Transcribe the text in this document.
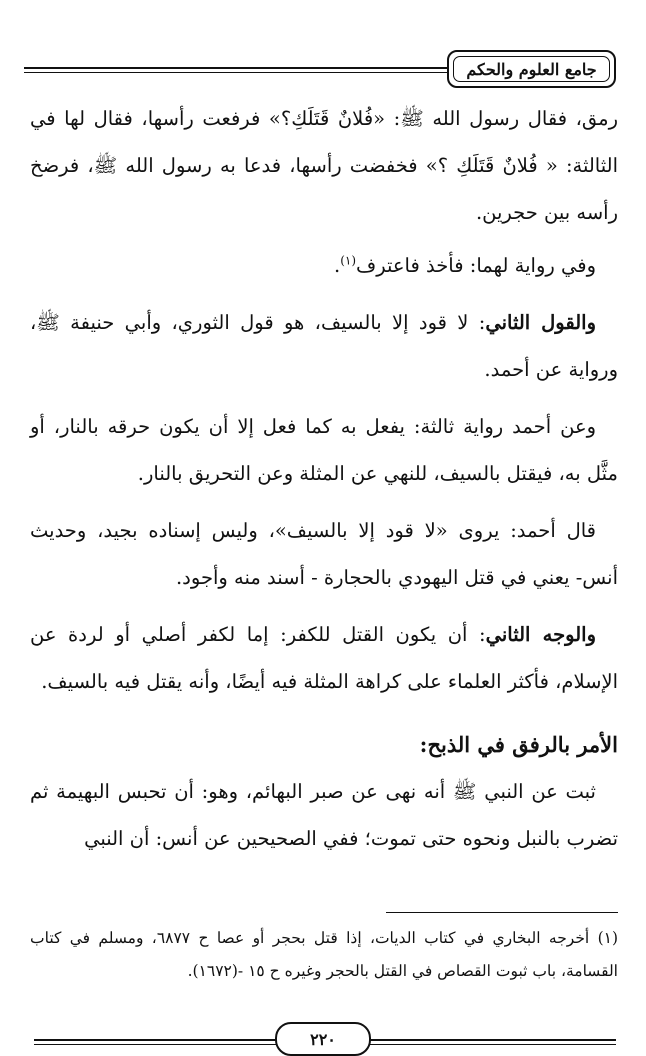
جامع العلوم والحكم

رمق، فقال رسول الله ﷺ: «فُلانٌ قَتَلَكِ؟» فرفعت رأسها، فقال لها في الثالثة: « فُلانٌ قَتَلَكِ ؟» فخفضت رأسها، فدعا به رسول الله ﷺ، فرضخ رأسه بين حجرين.

وفي رواية لهما: فأخذ فاعترف$^{(١)}$.

والقول الثاني: لا قود إلا بالسيف، هو قول الثوري، وأبي حنيفة ﷺ، ورواية عن أحمد.

وعن أحمد رواية ثالثة: يفعل به كما فعل إلا أن يكون حرقه بالنار، أو مثَّل به، فيقتل بالسيف، للنهي عن المثلة وعن التحريق بالنار.

قال أحمد: يروى «لا قود إلا بالسيف»، وليس إسناده بجيد، وحديث أنس- يعني في قتل اليهودي بالحجارة - أسند منه وأجود.

والوجه الثاني: أن يكون القتل للكفر: إما لكفر أصلي أو لردة عن الإسلام، فأكثر العلماء على كراهة المثلة فيه أيضًا، وأنه يقتل فيه بالسيف.

الأمر بالرفق في الذبح:

ثبت عن النبي ﷺ أنه نهى عن صبر البهائم، وهو: أن تحبس البهيمة ثم تضرب بالنبل ونحوه حتى تموت؛ ففي الصحيحين عن أنس: أن النبي

(١) أخرجه البخاري في كتاب الديات، إذا قتل بحجر أو عصا ح ٦٨٧٧، ومسلم في كتاب القسامة، باب ثبوت القصاص في القتل بالحجر وغيره ح ١٥ -(١٦٧٢).

٢٢٠
